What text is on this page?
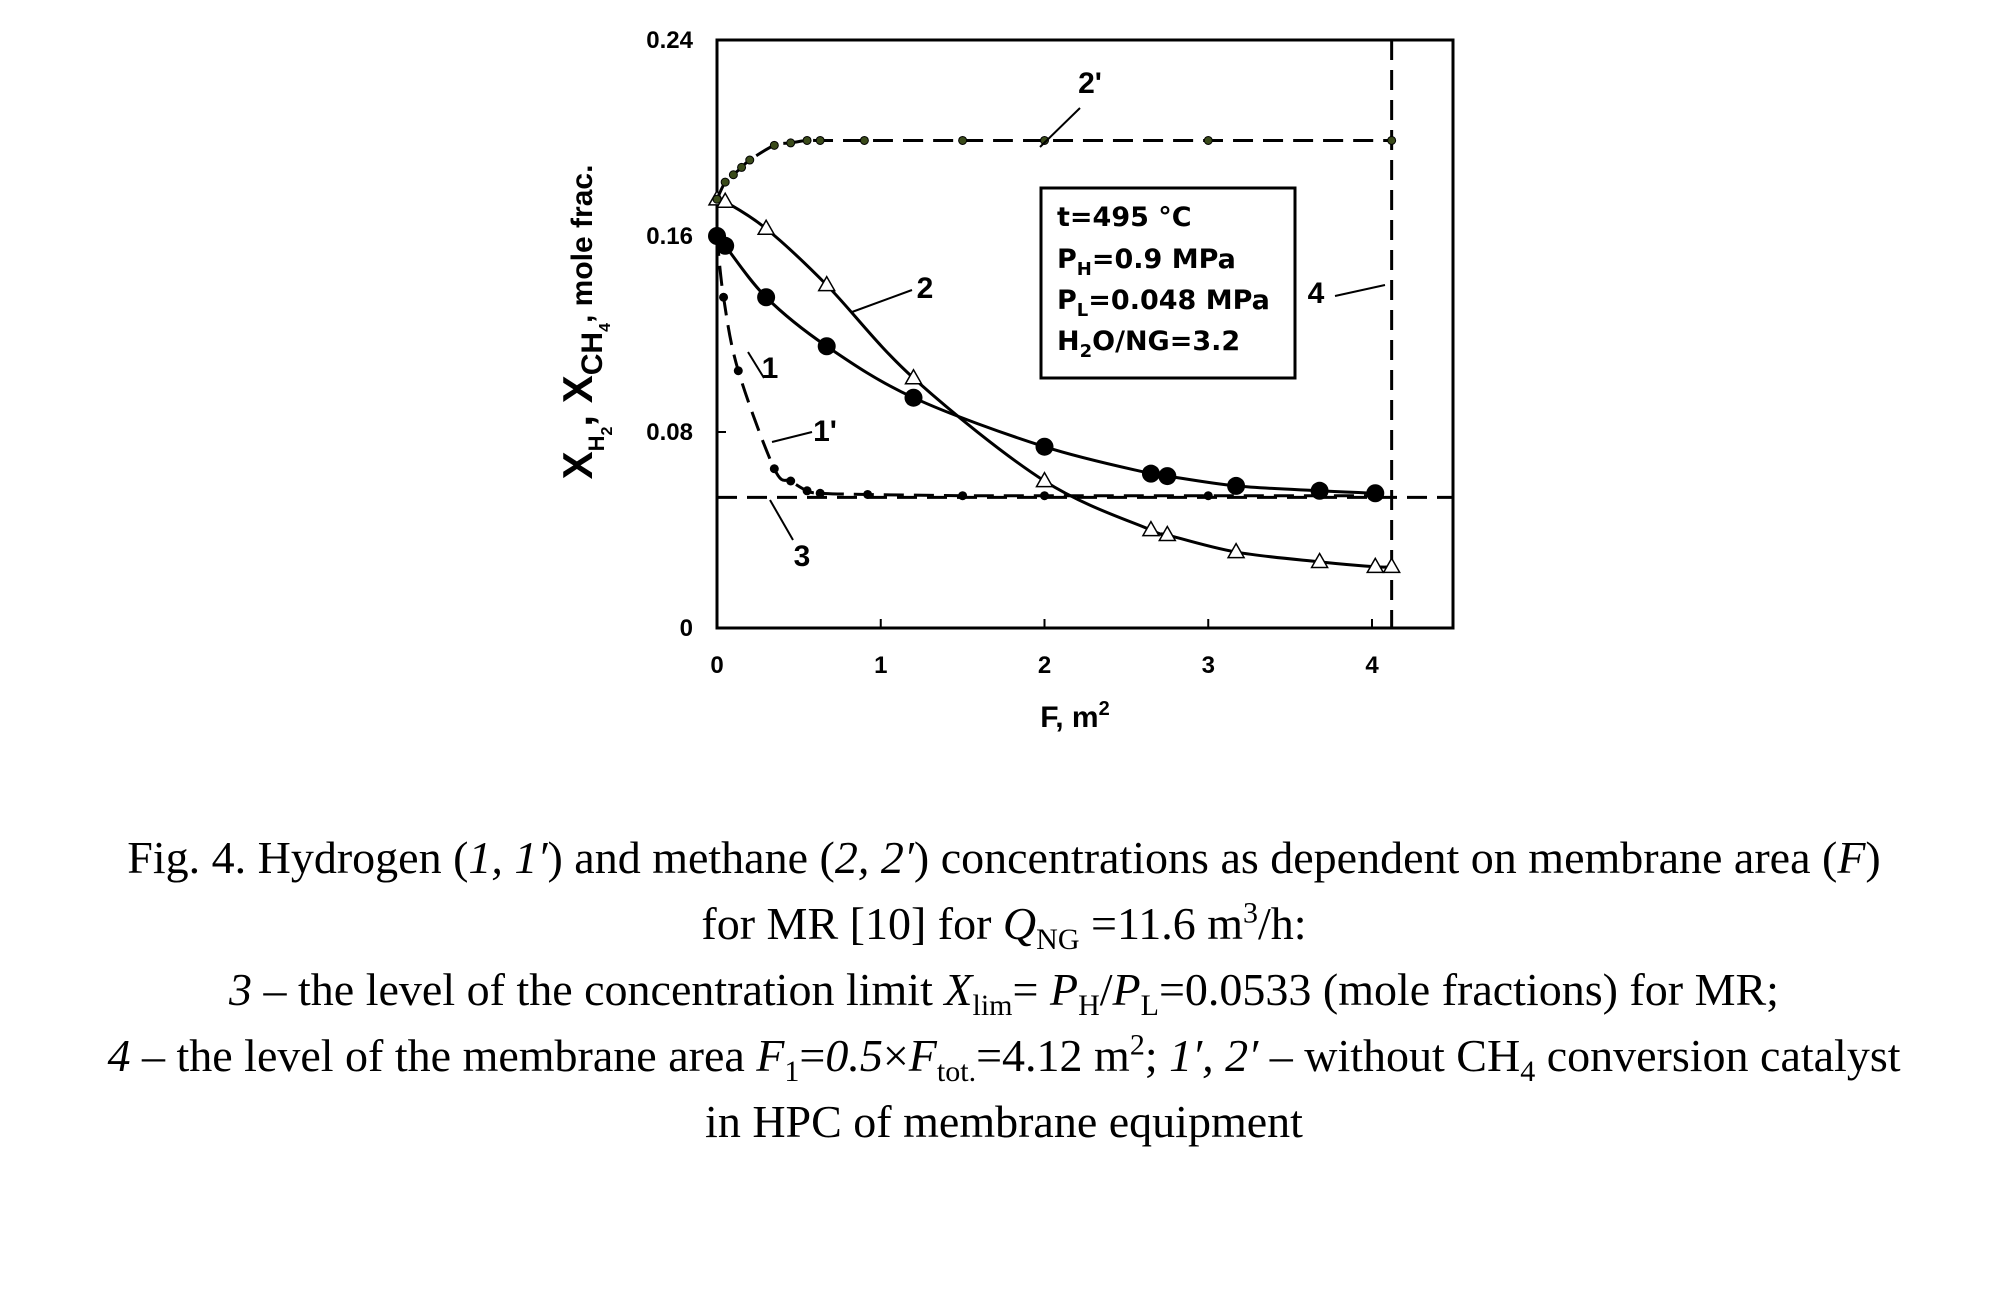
0	1	2	3	4
0
0.08
0.16
0.24
F, $m^2$
$X_{H2}$, $XCH_4$, mole frac.
2'
2
1
1'
3
4
t=495 °C
$P_H=0.9$ MPa
$P_L=0.048$ MPa
$H_2O/NG=3.2$
Fig. 4. Hydrogen (1, 1′) and methane (2, 2′) concentrations as dependent on membrane area (F)
for MR [10] for $Q_{NG} =11.6$ $m^3/h$:
3 – the level of the concentration limit $X_{lim}= P_H/P_L=0.0533$ (mole fractions) for MR;
4 – the level of the membrane area $F_1=0.5\times F_{tot.}=4.12$ $m^2$; 1′, 2′ – without $CH_4$ conversion catalyst
in HPC of membrane equipment
